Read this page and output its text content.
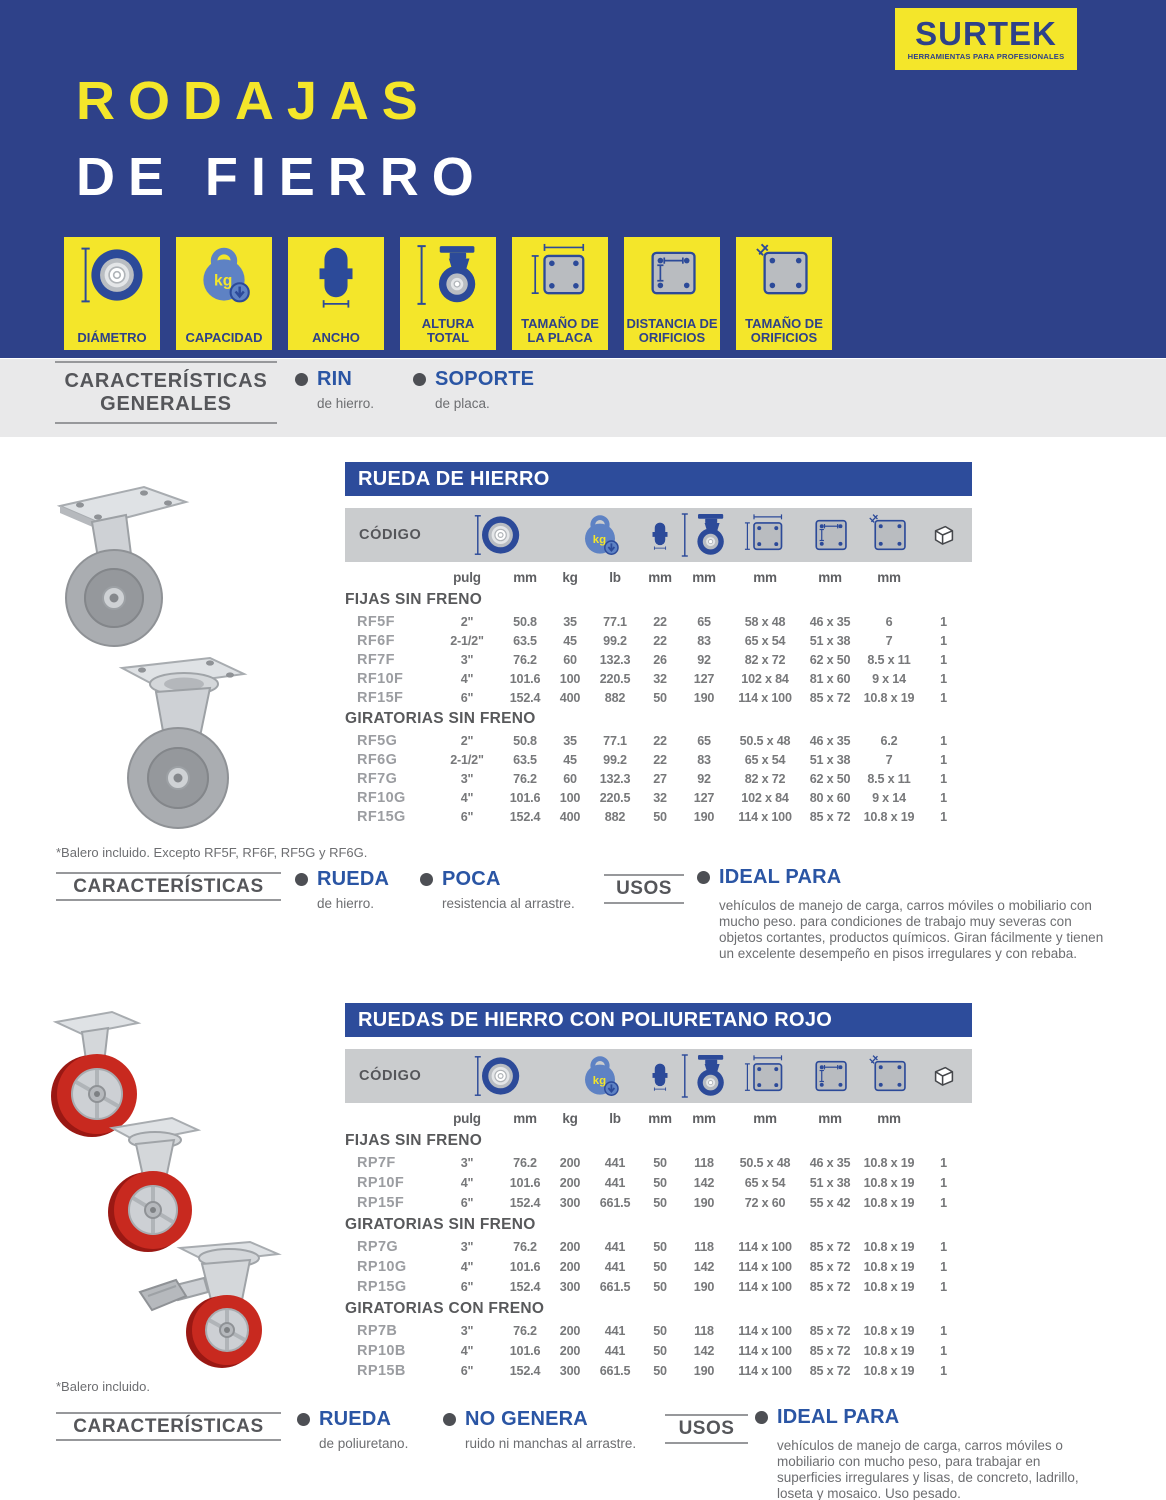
RODAJAS
DE FIERRO
SURTEK
HERRAMIENTAS PARA PROFESIONALES
DIÁMETRO	CAPACIDAD	ANCHO
ALTURA TOTAL
TAMAÑO DE LA PLACA
DISTANCIA DE ORIFICIOS
TAMAÑO DE ORIFICIOS
CARACTERÍSTICAS
GENERALES
RIN
de hierro.
SOPORTE
de placa.
RUEDA DE HIERRO
CÓDIGO
pulg	mm	kg	lb	mm	mm	mm	mm	mm
FIJAS SIN FRENO
RF5F	2"	50.8	35	77.1	22	65	58 x 48	46 x 35	6	1
RF6F	2-1/2"	63.5	45	99.2	22	83	65 x 54	51 x 38	7	1
RF7F	3"	76.2	60	132.3	26	92	82 x 72	62 x 50	8.5 x 11	1
RF10F	4"	101.6	100	220.5	32	127	102 x 84	81 x 60	9 x 14	1
RF15F	6"	152.4	400	882	50	190	114 x 100	85 x 72	10.8 x 19	1
GIRATORIAS SIN FRENO
RF5G	2"	50.8	35	77.1	22	65	50.5 x 48	46 x 35	6.2	1
RF6G	2-1/2"	63.5	45	99.2	22	83	65 x 54	51 x 38	7	1
RF7G	3"	76.2	60	132.3	27	92	82 x 72	62 x 50	8.5 x 11	1
RF10G	4"	101.6	100	220.5	32	127	102 x 84	80 x 60	9 x 14	1
RF15G	6"	152.4	400	882	50	190	114 x 100	85 x 72	10.8 x 19	1
*Balero incluido. Excepto RF5F, RF6F, RF5G y RF6G.
CARACTERÍSTICAS	RUEDA
de hierro.
POCA
resistencia al arrastre.
USOS
IDEAL PARA
vehículos de manejo de carga, carros móviles o mobiliario con mucho peso. para condiciones de trabajo muy severas con objetos cortantes, productos químicos. Giran fácilmente y tienen un excelente desempeño en pisos irregulares y con rebaba.
RUEDAS DE HIERRO CON POLIURETANO ROJO
CÓDIGO
pulg	mm	kg	lb	mm	mm	mm	mm	mm
FIJAS SIN FRENO
RP7F	3"	76.2	200	441	50	118	50.5 x 48	46 x 35	10.8 x 19	1
RP10F	4"	101.6	200	441	50	142	65 x 54	51 x 38	10.8 x 19	1
RP15F	6"	152.4	300	661.5	50	190	72 x 60	55 x 42	10.8 x 19	1
GIRATORIAS SIN FRENO
RP7G	3"	76.2	200	441	50	118	114 x 100	85 x 72	10.8 x 19	1
RP10G	4"	101.6	200	441	50	142	114 x 100	85 x 72	10.8 x 19	1
RP15G	6"	152.4	300	661.5	50	190	114 x 100	85 x 72	10.8 x 19	1
GIRATORIAS CON FRENO
RP7B	3"	76.2	200	441	50	118	114 x 100	85 x 72	10.8 x 19	1
RP10B	4"	101.6	200	441	50	142	114 x 100	85 x 72	10.8 x 19	1
RP15B	6"	152.4	300	661.5	50	190	114 x 100	85 x 72	10.8 x 19	1
*Balero incluido.
CARACTERÍSTICAS	RUEDA
de poliuretano.
NO GENERA
ruido ni manchas al arrastre.
USOS
IDEAL PARA
vehículos de manejo de carga, carros móviles o mobiliario con mucho peso, para trabajar en superficies irregulares y lisas, de concreto, ladrillo, loseta y mosaico. Uso pesado.
